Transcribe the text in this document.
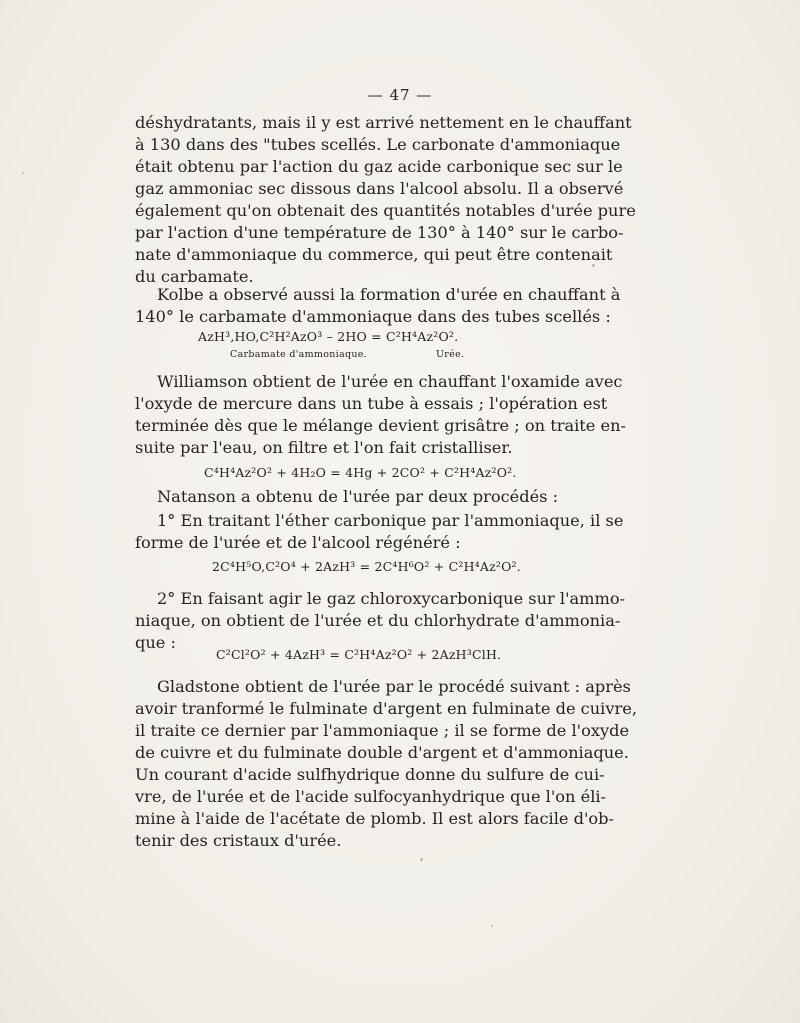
— 47 —
déshydratants, mais il y est arrivé nettement en le chauffant
à 130 dans des "tubes scellés. Le carbonate d'ammoniaque
était obtenu par l'action du gaz acide carbonique sec sur le
gaz ammoniac sec dissous dans l'alcool absolu. Il a observé
également qu'on obtenait des quantités notables d'urée pure
par l'action d'une température de 130° à 140° sur le carbo-
nate d'ammoniaque du commerce, qui peut être contenait
du carbamate.
Kolbe a observé aussi la formation d'urée en chauffant à
140° le carbamate d'ammoniaque dans des tubes scellés :
AzH³,HO,C²H²AzO³ – 2HO = C²H⁴Az²O².
Carbamate d'ammoniaque.	Urée.
Williamson obtient de l'urée en chauffant l'oxamide avec
l'oxyde de mercure dans un tube à essais ; l'opération est
terminée dès que le mélange devient grisâtre ; on traite en-
suite par l'eau, on filtre et l'on fait cristalliser.
C⁴H⁴Az²O² + 4H₂O = 4Hg + 2CO² + C²H⁴Az²O².
Natanson a obtenu de l'urée par deux procédés :
1° En traitant l'éther carbonique par l'ammoniaque, il se
forme de l'urée et de l'alcool régénéré :
2C⁴H⁵O,C²O⁴ + 2AzH³ = 2C⁴H⁶O² + C²H⁴Az²O².
2° En faisant agir le gaz chloroxycarbonique sur l'ammo-
niaque, on obtient de l'urée et du chlorhydrate d'ammonia-
que :
C²Cl²O² + 4AzH³ = C²H⁴Az²O² + 2AzH³ClH.
Gladstone obtient de l'urée par le procédé suivant : après
avoir tranformé le fulminate d'argent en fulminate de cuivre,
il traite ce dernier par l'ammoniaque ; il se forme de l'oxyde
de cuivre et du fulminate double d'argent et d'ammoniaque.
Un courant d'acide sulfhydrique donne du sulfure de cui-
vre, de l'urée et de l'acide sulfocyanhydrique que l'on éli-
mine à l'aide de l'acétate de plomb. Il est alors facile d'ob-
tenir des cristaux d'urée.
